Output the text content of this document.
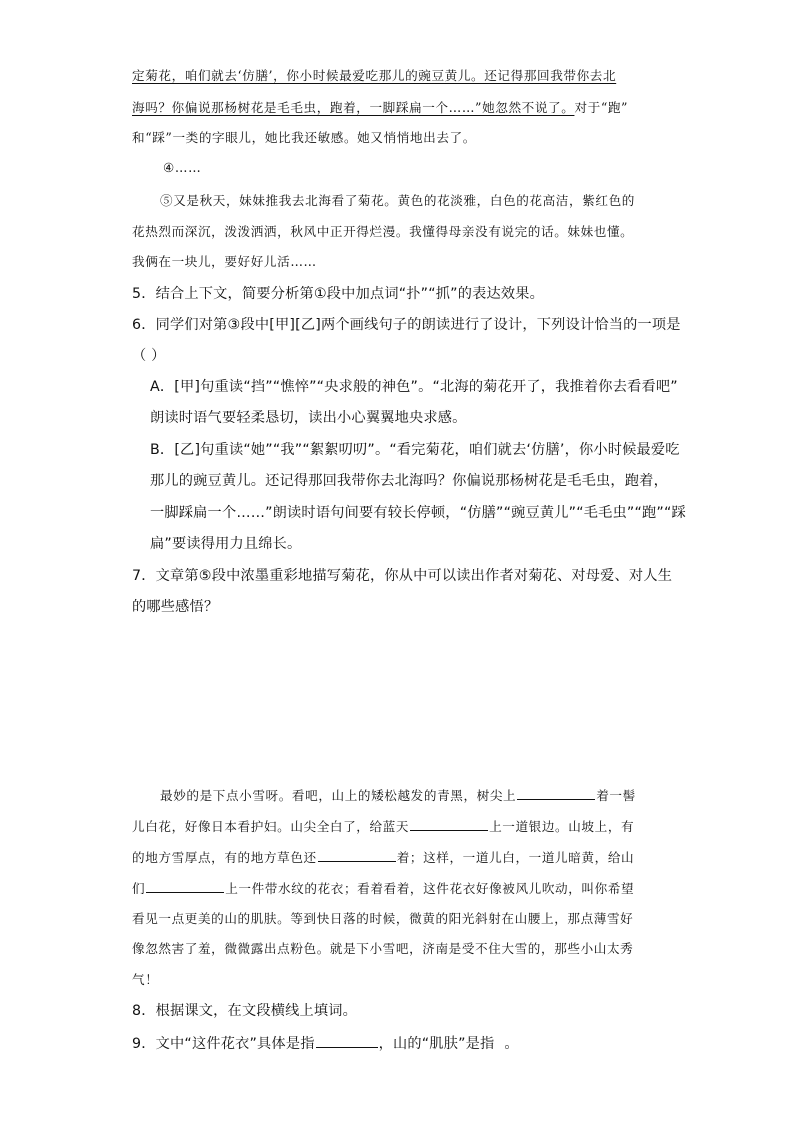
定菊花，咱们就去‘仿膳’，你小时候最爱吃那儿的豌豆黄儿。还记得那回我带你去北
海吗？你偏说那杨树花是毛毛虫，跑着，一脚踩扁一个……”她忽然不说了。对于“跑”
和“踩”一类的字眼儿，她比我还敏感。她又悄悄地出去了。
④……
⑤又是秋天，妹妹推我去北海看了菊花。黄色的花淡雅，白色的花高洁，紫红色的
花热烈而深沉，泼泼洒洒，秋风中正开得烂漫。我懂得母亲没有说完的话。妹妹也懂。
我俩在一块儿，要好好儿活……
5．结合上下文，简要分析第①段中加点词“扑”“抓”的表达效果。
6．同学们对第③段中[甲][乙]两个画线句子的朗读进行了设计，下列设计恰当的一项是
（ ）
A．[甲]句重读“挡”“憔悴”“央求般的神色”。“北海的菊花开了，我推着你去看看吧”
朗读时语气要轻柔恳切，读出小心翼翼地央求感。
B．[乙]句重读“她”“我”“絮絮叨叨”。“看完菊花，咱们就去‘仿膳’，你小时候最爱吃
那儿的豌豆黄儿。还记得那回我带你去北海吗？你偏说那杨树花是毛毛虫，跑着，
一脚踩扁一个……”朗读时语句间要有较长停顿，“仿膳”“豌豆黄儿”“毛毛虫”“跑”“踩
扁”要读得用力且绵长。
7．文章第⑤段中浓墨重彩地描写菊花，你从中可以读出作者对菊花、对母爱、对人生
的哪些感悟？
最妙的是下点小雪呀。看吧，山上的矮松越发的青黑，树尖上	着一髻
儿白花，好像日本看护妇。山尖全白了，给蓝天	上一道银边。山坡上，有
的地方雪厚点，有的地方草色还	着；这样，一道儿白，一道儿暗黄，给山
们	上一件带水纹的花衣；看着看着，这件花衣好像被风儿吹动，叫你希望
看见一点更美的山的肌肤。等到快日落的时候，微黄的阳光斜射在山腰上，那点薄雪好
像忽然害了羞，微微露出点粉色。就是下小雪吧，济南是受不住大雪的，那些小山太秀
气！
8．根据课文，在文段横线上填词。
9．文中“这件花衣”具体是指	，山的“肌肤”是指 。
